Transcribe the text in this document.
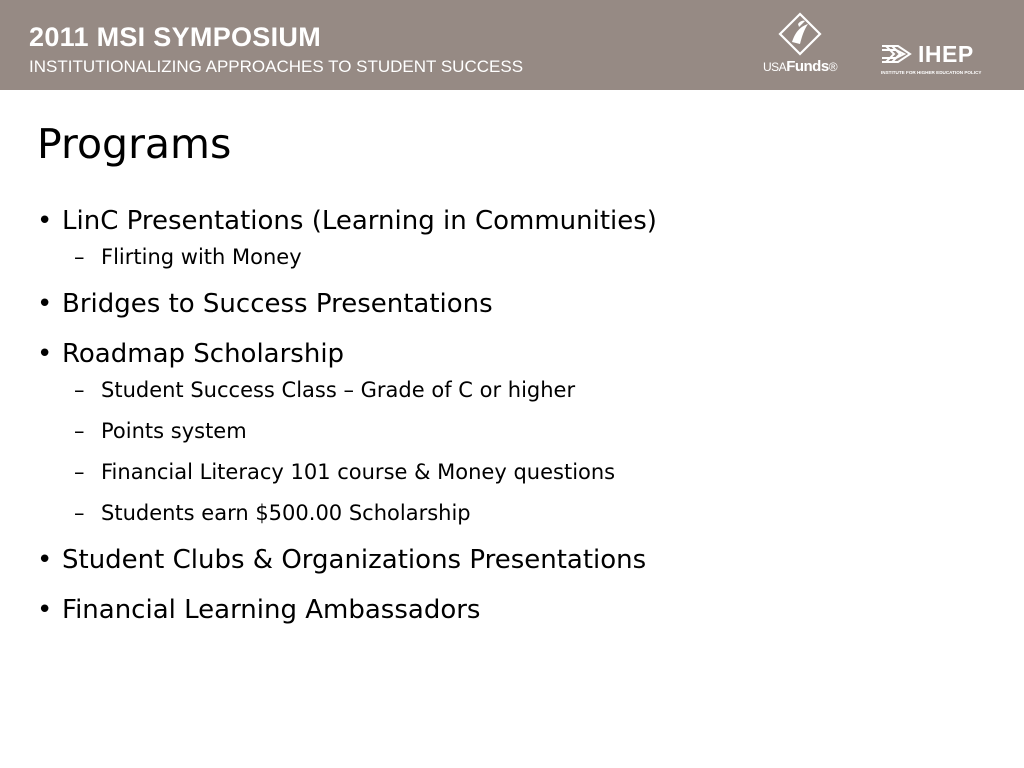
2011 MSI SYMPOSIUM
INSTITUTIONALIZING APPROACHES TO STUDENT SUCCESS	USAFunds®	IHEP
INSTITUTE FOR HIGHER EDUCATION POLICY
Programs
• LinC Presentations (Learning in Communities)
– Flirting with Money
• Bridges to Success Presentations
• Roadmap Scholarship
– Student Success Class – Grade of C or higher
– Points system
– Financial Literacy 101 course & Money questions
– Students earn $500.00 Scholarship
• Student Clubs & Organizations Presentations
• Financial Learning Ambassadors
